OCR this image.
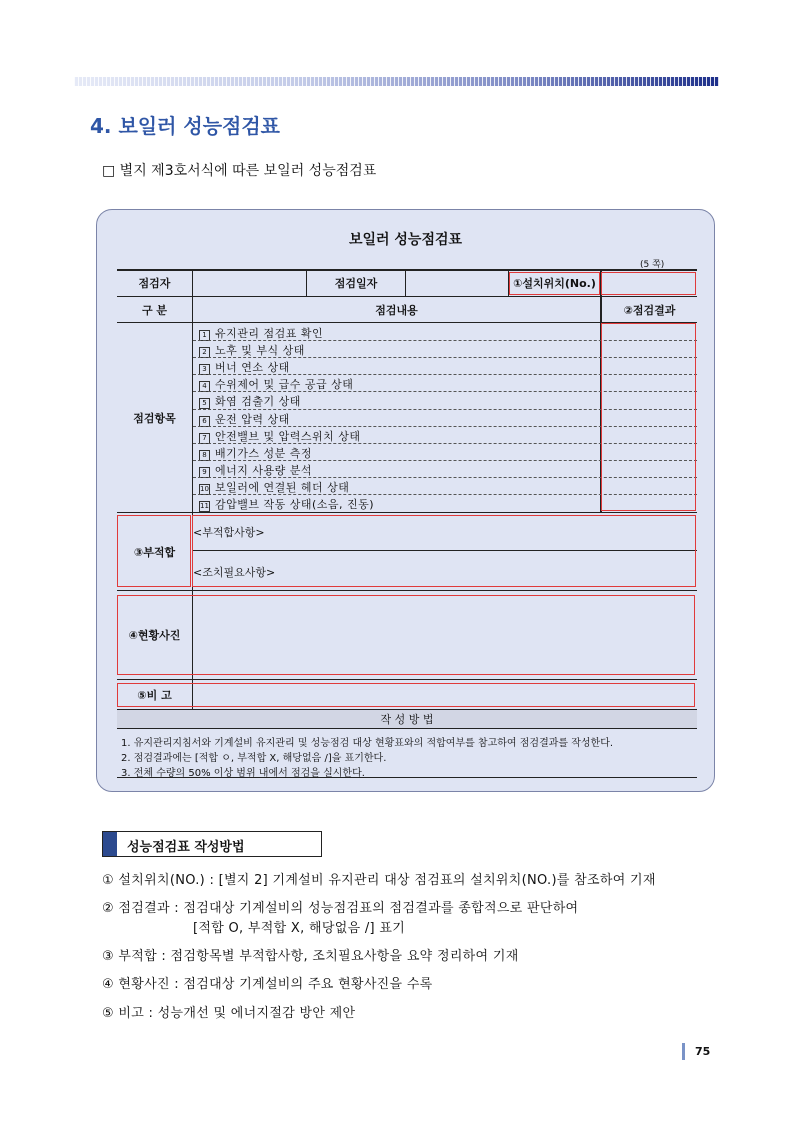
4. 보일러 성능점검표
□ 별지 제3호서식에 따른 보일러 성능점검표
보일러 성능점검표
(5 쪽)
점검자	점검일자	①설치위치(No.)
구 분	점검내용	②점검결과
점검항목
1 유지관리 점검표 확인
2 노후 및 부식 상태
3 버너 연소 상태
4 수위제어 및 급수 공급 상태
5 화염 검출기 상태
6 운전 압력 상태
7 안전밸브 및 압력스위치 상태
8 배기가스 성분 측정
9 에너지 사용량 분석
10 보일러에 연결된 헤더 상태
11 감압밸브 작동 상태(소음, 진동)
③부적합
<부적합사항>
<조치필요사항>
④현황사진
⑤비 고
작 성 방 법
1. 유지관리지침서와 기계설비 유지관리 및 성능점검 대상 현황표와의 적합여부를 참고하여 점검결과를 작성한다.
2. 점검결과에는 [적합 ㅇ, 부적합 X, 해당없음 /]을 표기한다.
3. 전체 수량의 50% 이상 범위 내에서 점검을 실시한다.
성능점검표 작성방법
① 설치위치(NO.) : [별지 2] 기계설비 유지관리 대상 점검표의 설치위치(NO.)를 참조하여 기재
② 점검결과 : 점검대상 기계설비의 성능점검표의 점검결과를 종합적으로 판단하여
[적합 O, 부적합 X, 해당없음 /] 표기
③ 부적합 : 점검항목별 부적합사항, 조치필요사항을 요약 정리하여 기재
④ 현황사진 : 점검대상 기계설비의 주요 현황사진을 수록
⑤ 비고 : 성능개선 및 에너지절감 방안 제안
75
